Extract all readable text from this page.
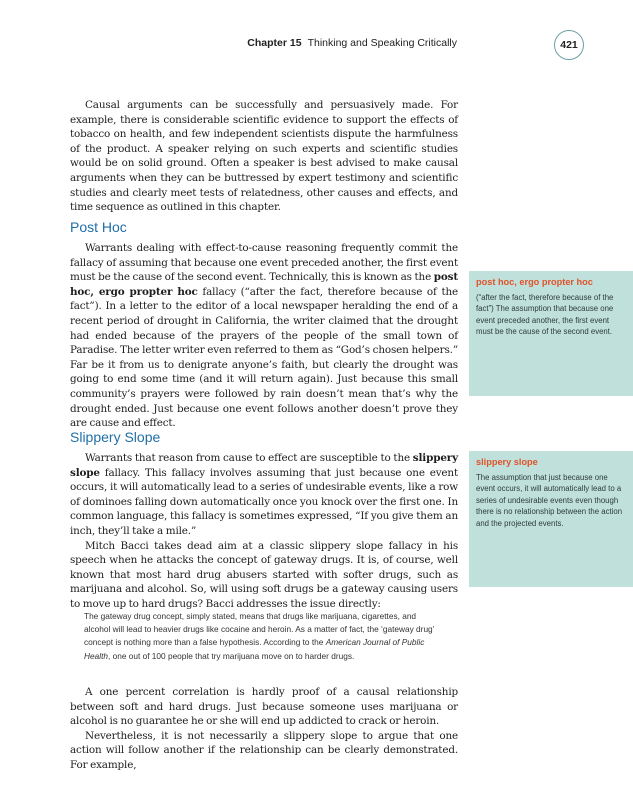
Chapter 15 Thinking and Speaking Critically	421

Causal arguments can be successfully and persuasively made. For example, there is considerable scientific evidence to support the effects of tobacco on health, and few independent scientists dispute the harmfulness of the product. A speaker relying on such experts and scientific studies would be on solid ground. Often a speaker is best advised to make causal arguments when they can be buttressed by expert testimony and scientific studies and clearly meet tests of relatedness, other causes and effects, and time sequence as outlined in this chapter.

Post Hoc

Warrants dealing with effect-to-cause reasoning frequently commit the fallacy of assuming that because one event preceded another, the first event must be the cause of the second event. Technically, this is known as the post hoc, ergo propter hoc fallacy (“after the fact, therefore because of the fact”). In a letter to the editor of a local newspaper heralding the end of a recent period of drought in California, the writer claimed that the drought had ended because of the prayers of the people of the small town of Paradise. The letter writer even referred to them as “God’s chosen helpers.” Far be it from us to denigrate anyone’s faith, but clearly the drought was going to end some time (and it will return again). Just because this small community’s prayers were followed by rain doesn’t mean that’s why the drought ended. Just because one event follows another doesn’t prove they are cause and effect.

post hoc, ergo propter hoc
(“after the fact, therefore because of the fact”) The assumption that because one event preceded another, the first event must be the cause of the second event.
Slippery Slope

Warrants that reason from cause to effect are susceptible to the slippery slope fallacy. This fallacy involves assuming that just because one event occurs, it will automatically lead to a series of undesirable events, like a row of dominoes falling down automatically once you knock over the first one. In common language, this fallacy is sometimes expressed, “If you give them an inch, they’ll take a mile.”

Mitch Bacci takes dead aim at a classic slippery slope fallacy in his speech when he attacks the concept of gateway drugs. It is, of course, well known that most hard drug abusers started with softer drugs, such as marijuana and alcohol. So, will using soft drugs be a gateway causing users to move up to hard drugs? Bacci addresses the issue directly:

slippery slope
The assumption that just because one event occurs, it will automatically lead to a series of undesirable events even though there is no relationship between the action and the projected events.

The gateway drug concept, simply stated, means that drugs like marijuana, cigarettes, and alcohol will lead to heavier drugs like cocaine and heroin. As a matter of fact, the ‘gateway drug’ concept is nothing more than a false hypothesis. According to the American Journal of Public Health, one out of 100 people that try marijuana move on to harder drugs.

A one percent correlation is hardly proof of a causal relationship between soft and hard drugs. Just because someone uses marijuana or alcohol is no guarantee he or she will end up addicted to crack or heroin.

Nevertheless, it is not necessarily a slippery slope to argue that one action will follow another if the relationship can be clearly demonstrated. For example,
